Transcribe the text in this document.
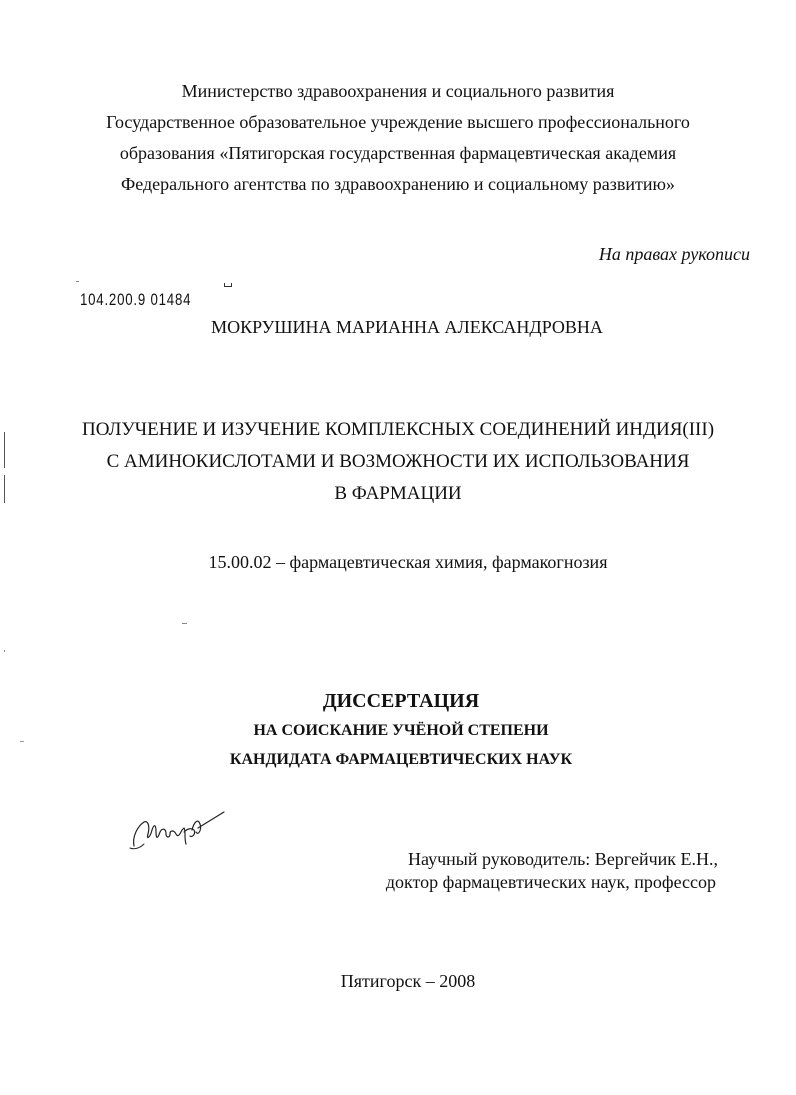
Министерство здравоохранения и социального развития
Государственное образовательное учреждение высшего профессионального
образования «Пятигорская государственная фармацевтическая академия
Федерального агентства по здравоохранению и социальному развитию»
На правах рукописи
104.200.9 01484
МОКРУШИНА МАРИАННА АЛЕКСАНДРОВНА
ПОЛУЧЕНИЕ И ИЗУЧЕНИЕ КОМПЛЕКСНЫХ СОЕДИНЕНИЙ ИНДИЯ(III)
С АМИНОКИСЛОТАМИ И ВОЗМОЖНОСТИ ИХ ИСПОЛЬЗОВАНИЯ
В ФАРМАЦИИ
15.00.02 – фармацевтическая химия, фармакогнозия
ДИССЕРТАЦИЯ
НА СОИСКАНИЕ УЧЁНОЙ СТЕПЕНИ
КАНДИДАТА ФАРМАЦЕВТИЧЕСКИХ НАУК
Научный руководитель: Вергейчик Е.Н.,
доктор фармацевтических наук, профессор
Пятигорск – 2008
